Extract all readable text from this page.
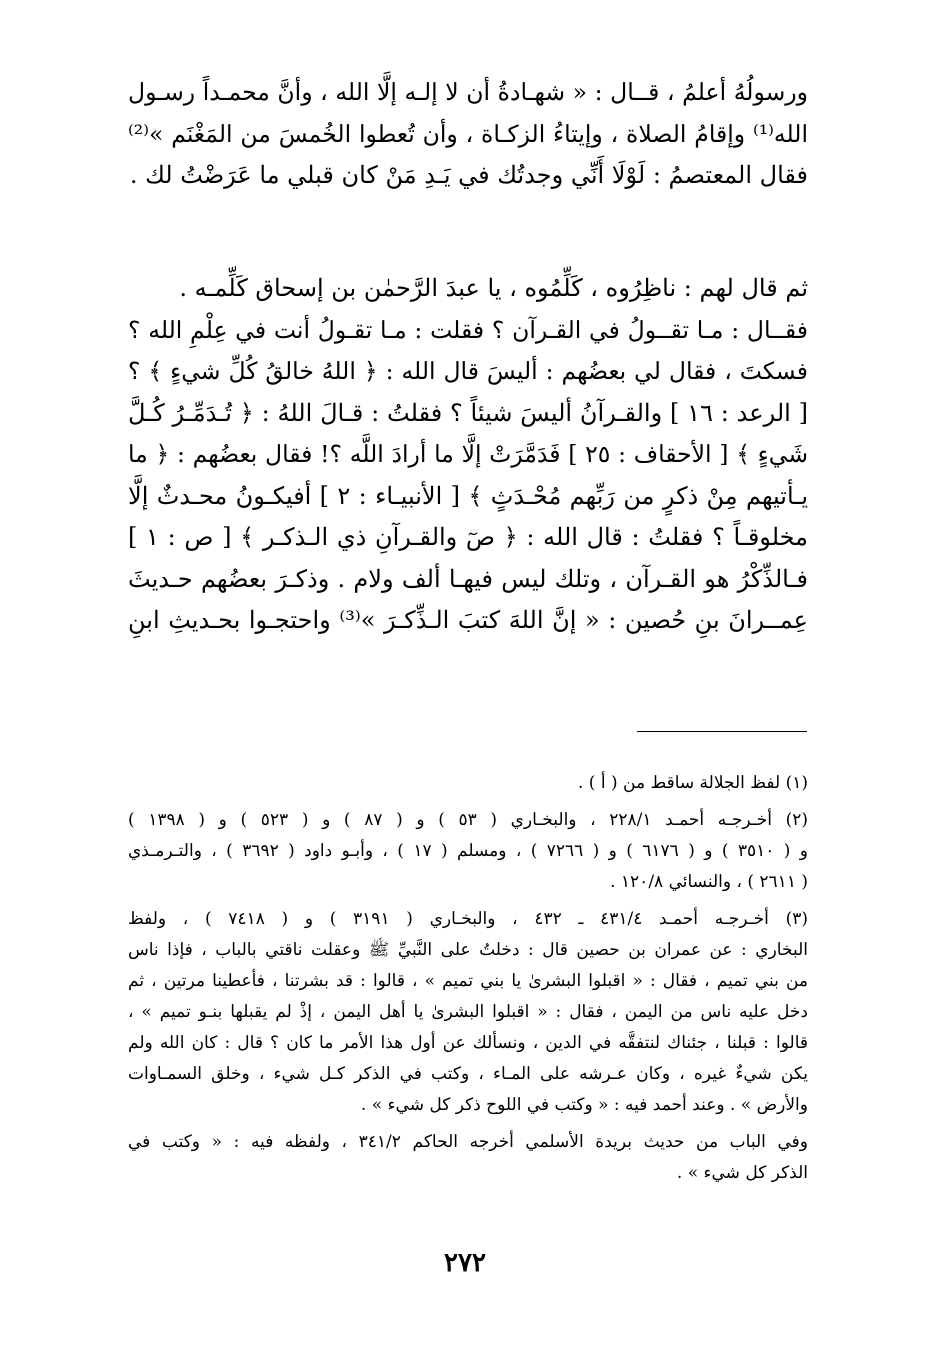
ورسولُهُ أعلمُ ، قــال : « شهـادةُ أن لا إلـه إلَّا الله ، وأنَّ محمـداً رسـول

الله⁽¹⁾ وإقامُ الصلاة ، وإيتاءُ الزكـاة ، وأن تُعطوا الخُمسَ من المَغْنَم »⁽²⁾

فقال المعتصمُ : لَوْلَا أَنِّي وجدتُك في يَـدِ مَنْ كان قبلي ما عَرَضْتُ لك .

ثم قال لهم : ناظِرُوه ، كَلِّمُوه ، يا عبدَ الرَّحمٰن بن إسحاق كَلِّمـه .

فقــال : مـا تقــولُ في القـرآن ؟ فقلت : مـا تقـولُ أنت في عِلْمِ الله ؟

فسكتَ ، فقال لي بعضُهم : أليسَ قال الله : ﴿ اللهُ خالقُ كُلِّ شيءٍ ﴾ ؟

[ الرعد : ١٦ ] والقـرآنُ أليسَ شيئاً ؟ فقلتُ : قـالَ اللهُ : ﴿ تُـدَمِّـرُ كُـلَّ

شَيءٍ ﴾ [ الأحقاف : ٢٥ ] فَدَمَّرَتْ إلَّا ما أرادَ اللَّه ؟! فقال بعضُهم : ﴿ ما

يـأتيهم مِنْ ذكرٍ من رَبِّهم مُحْـدَثٍ ﴾ [ الأنبيـاء : ٢ ] أفيكـونُ محـدثٌ إلَّا

مخلوقـاً ؟ فقلتُ : قال الله : ﴿ صٓ والقـرآنِ ذي الـذكـر ﴾ [ ص : ١ ]

فـالذِّكْرُ هو القـرآن ، وتلك ليس فيهـا ألف ولام . وذكـرَ بعضُهم حـديثَ

عِمــرانَ بنِ حُصين : « إنَّ اللهَ كتبَ الـذِّكـرَ »⁽³⁾ واحتجـوا بحـديثِ ابنِ

(١) لفظ الجلالة ساقط من ( أ ) .

(٢) أخـرجـه أحمـد ٢٢٨/١ ، والبخـاري ( ٥٣ ) و ( ٨٧ ) و ( ٥٢٣ ) و ( ١٣٩٨ )

و ( ٣٥١٠ ) و ( ٦١٧٦ ) و ( ٧٢٦٦ ) ، ومسلم ( ١٧ ) ، وأبـو داود ( ٣٦٩٢ ) ، والتـرمـذي

( ٢٦١١ ) ، والنسائي ١٢٠/٨ .

(٣) أخـرجـه أحمـد ٤٣١/٤ ـ ٤٣٢ ، والبخـاري ( ٣١٩١ ) و ( ٧٤١٨ ) ، ولفظ

البخاري : عن عمران بن حصين قال : دخلتُ على النَّبيِّ ﷺ وعقلت ناقتي بالباب ، فإذا ناس

من بني تميم ، فقال : « اقبلوا البشرىٰ يا بني تميم » ، قالوا : قد بشرتنا ، فأعطينا مرتين ، ثم

دخل عليه ناس من اليمن ، فقال : « اقبلوا البشرىٰ يا أهل اليمن ، إذْ لم يقبلها بنـو تميم » ،

قالوا : قبلنا ، جئناك لنتفقَّه في الدين ، ونسألك عن أول هذا الأمر ما كان ؟ قال : كان الله ولم

يكن شيءٌ غيره ، وكان عـرشه على المـاء ، وكتب في الذكر كـل شيء ، وخلق السمـاوات

والأرض » . وعند أحمد فيه : « وكتب في اللوح ذكر كل شيء » .

وفي الباب من حديث بريدة الأسلمي أخرجه الحاكم ٣٤١/٢ ، ولفظه فيه : « وكتب في

الذكر كل شيء » .

٢٧٢
